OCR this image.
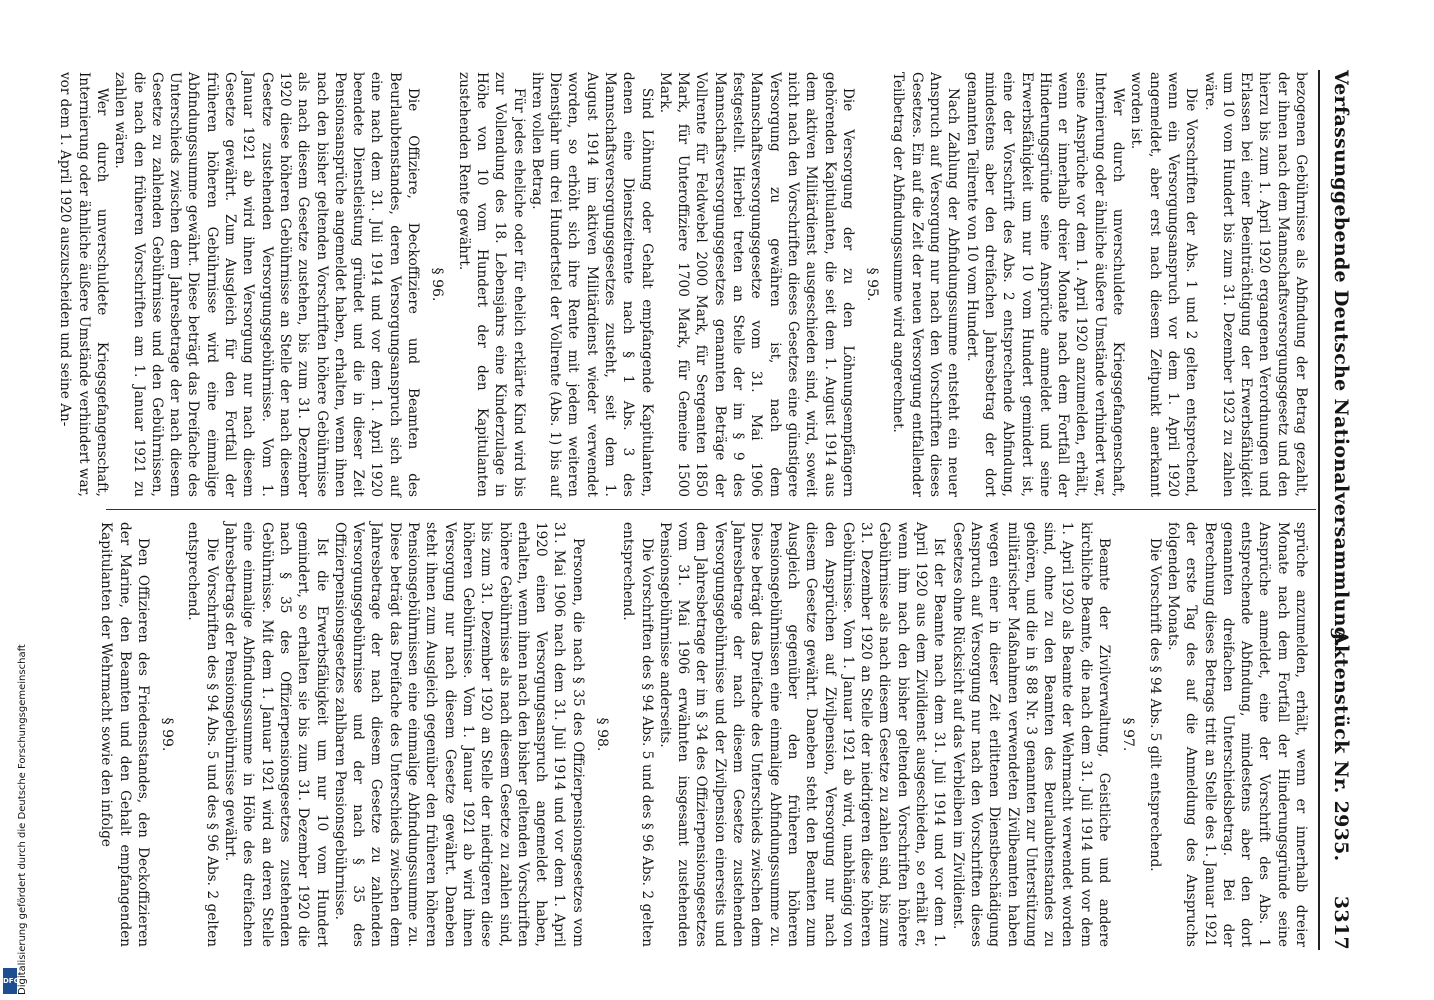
Verfassunggebende Deutsche Nationalversammlung.
Aktenstück Nr. 2935.
3317

bezogenen Gebührnisse als Abfindung der Betrag gezahlt, der ihnen nach dem Mannschaftsversorgungsgesetz und den hierzu bis zum 1. April 1920 ergangenen Verordnungen und Erlassen bei einer Beeinträchtigung der Erwerbsfähigkeit um 10 vom Hundert bis zum 31. Dezember 1923 zu zahlen wäre.

Die Vorschriften der Abs. 1 und 2 gelten entsprechend, wenn ein Versorgungsanspruch vor dem 1. April 1920 angemeldet, aber erst nach diesem Zeitpunkt anerkannt worden ist.

Wer durch unverschuldete Kriegsgefangenschaft, Internierung oder ähnliche äußere Umstände verhindert war, seine Ansprüche vor dem 1. April 1920 anzumelden, erhält, wenn er innerhalb dreier Monate nach dem Fortfall der Hinderungsgründe seine Ansprüche anmeldet und seine Erwerbsfähigkeit um nur 10 vom Hundert gemindert ist, eine der Vorschrift des Abs. 2 entsprechende Abfindung, mindestens aber den dreifachen Jahresbetrag der dort genannten Teilrente von 10 vom Hundert.

Nach Zahlung der Abfindungssumme entsteht ein neuer Anspruch auf Versorgung nur nach den Vorschriften dieses Gesetzes. Ein auf die Zeit der neuen Versorgung entfallender Teilbetrag der Abfindungssumme wird angerechnet.

§ 95.

Die Versorgung der zu den Löhnungsempfängern gehörenden Kapitulanten, die seit dem 1. August 1914 aus dem aktiven Militärdienst ausgeschieden sind, wird, soweit nicht nach den Vorschriften dieses Gesetzes eine günstigere Versorgung zu gewähren ist, nach dem Mannschaftsversorgungsgesetze vom 31. Mai 1906 festgestellt. Hierbei treten an Stelle der im § 9 des Mannschaftsversorgungsgesetzes genannten Beträge der Vollrente für Feldwebel 2000 Mark, für Sergeanten 1850 Mark, für Unteroffiziere 1700 Mark, für Gemeine 1500 Mark.

Sind Löhnung oder Gehalt empfangende Kapitulanten, denen eine Dienstzeitrente nach § 1 Abs. 3 des Mannschaftsversorgungsgesetzes zusteht, seit dem 1. August 1914 im aktiven Militärdienst wieder verwendet worden, so erhöht sich ihre Rente mit jedem weiteren Dienstjahr um drei Hundertstel der Vollrente (Abs. 1) bis auf ihren vollen Betrag.

Für jedes eheliche oder für ehelich erklärte Kind wird bis zur Vollendung des 18. Lebensjahrs eine Kinderzulage in Höhe von 10 vom Hundert der den Kapitulanten zustehenden Rente gewährt.

§ 96.

Die Offiziere, Deckoffiziere und Beamten des Beurlaubtenstandes, deren Versorgungsanspruch sich auf eine nach dem 31. Juli 1914 und vor dem 1. April 1920 beendete Dienstleistung gründet und die in dieser Zeit Pensionsansprüche angemeldet haben, erhalten, wenn ihnen nach den bisher geltenden Vorschriften höhere Gebührnisse als nach diesem Gesetze zustehen, bis zum 31. Dezember 1920 diese höheren Gebührnisse an Stelle der nach diesem Gesetze zustehenden Versorgungsgebührnisse. Vom 1. Januar 1921 ab wird ihnen Versorgung nur nach diesem Gesetze gewährt. Zum Ausgleich für den Fortfall der früheren höheren Gebührnisse wird eine einmalige Abfindungssumme gewährt. Diese beträgt das Dreifache des Unterschieds zwischen dem Jahresbetrage der nach diesem Gesetze zu zahlenden Gebührnisse und den Gebührnissen, die nach den früheren Vorschriften am 1. Januar 1921 zu zahlen wären.

Wer durch unverschuldete Kriegsgefangenschaft, Internierung oder ähnliche äußere Umstände verhindert war, vor dem 1. April 1920 auszuscheiden und seine An-

sprüche anzumelden, erhält, wenn er innerhalb dreier Monate nach dem Fortfall der Hinderungsgründe seine Ansprüche anmeldet, eine der Vorschrift des Abs. 1 entsprechende Abfindung, mindestens aber den dort genannten dreifachen Unterschiedsbetrag. Bei der Berechnung dieses Betrags tritt an Stelle des 1. Januar 1921 der erste Tag des auf die Anmeldung des Anspruchs folgenden Monats.

Die Vorschrift des § 94 Abs. 5 gilt entsprechend.

§ 97.

Beamte der Zivilverwaltung, Geistliche und andere kirchliche Beamte, die nach dem 31. Juli 1914 und vor dem 1. April 1920 als Beamte der Wehrmacht verwendet worden sind, ohne zu den Beamten des Beurlaubtenstandes zu gehören, und die in § 88 Nr. 3 genannten zur Unterstützung militärischer Maßnahmen verwendeten Zivilbeamten haben wegen einer in dieser Zeit erlittenen Dienstbeschädigung Anspruch auf Versorgung nur nach den Vorschriften dieses Gesetzes ohne Rücksicht auf das Verbleiben im Zivildienst.

Ist der Beamte nach dem 31. Juli 1914 und vor dem 1. April 1920 aus dem Zivildienst ausgeschieden, so erhält er, wenn ihm nach den bisher geltenden Vorschriften höhere Gebührnisse als nach diesem Gesetze zu zahlen sind, bis zum 31. Dezember 1920 an Stelle der niedrigeren diese höheren Gebührnisse. Vom 1. Januar 1921 ab wird, unabhängig von den Ansprüchen auf Zivilpension, Versorgung nur nach diesem Gesetze gewährt. Daneben steht den Beamten zum Ausgleich gegenüber den früheren höheren Pensionsgebührnissen eine einmalige Abfindungssumme zu. Diese beträgt das Dreifache des Unterschieds zwischen dem Jahresbetrage der nach diesem Gesetze zustehenden Versorgungsgebührnisse und der Zivilpension einerseits und dem Jahresbetrage der im § 34 des Offizierpensionsgesetzes vom 31. Mai 1906 erwähnten insgesamt zustehenden Pensionsgebührnisse anderseits.

Die Vorschriften des § 94 Abs. 5 und des § 96 Abs. 2 gelten entsprechend.

§ 98.

Personen, die nach § 35 des Offizierpensionsgesetzes vom 31. Mai 1906 nach dem 31. Juli 1914 und vor dem 1. April 1920 einen Versorgungsanspruch angemeldet haben, erhalten, wenn ihnen nach den bisher geltenden Vorschriften höhere Gebührnisse als nach diesem Gesetze zu zahlen sind, bis zum 31. Dezember 1920 an Stelle der niedrigeren diese höheren Gebührnisse. Vom 1. Januar 1921 ab wird ihnen Versorgung nur nach diesem Gesetze gewährt. Daneben steht ihnen zum Ausgleich gegenüber den früheren höheren Pensionsgebührnissen eine einmalige Abfindungssumme zu. Diese beträgt das Dreifache des Unterschieds zwischen dem Jahresbetrage der nach diesem Gesetze zu zahlenden Versorgungsgebührnisse und der nach § 35 des Offizierpensionsgesetzes zahlbaren Pensionsgebührnisse.

Ist die Erwerbsfähigkeit um nur 10 vom Hundert gemindert, so erhalten sie bis zum 31. Dezember 1920 die nach § 35 des Offizierpensionsgesetzes zustehenden Gebührnisse. Mit dem 1. Januar 1921 wird an deren Stelle eine einmalige Abfindungssumme in Höhe des dreifachen Jahresbetrags der Pensionsgebührnisse gewährt.

Die Vorschriften des § 94 Abs. 5 und des § 96 Abs. 2 gelten entsprechend.

§ 99.

Den Offizieren des Friedensstandes, den Deckoffizieren der Marine, den Beamten und den Gehalt empfangenden Kapitulanten der Wehrmacht sowie den infolge

Digitalisierung gefördert durch die Deutsche Forschungsgemeinschaft
DFG
